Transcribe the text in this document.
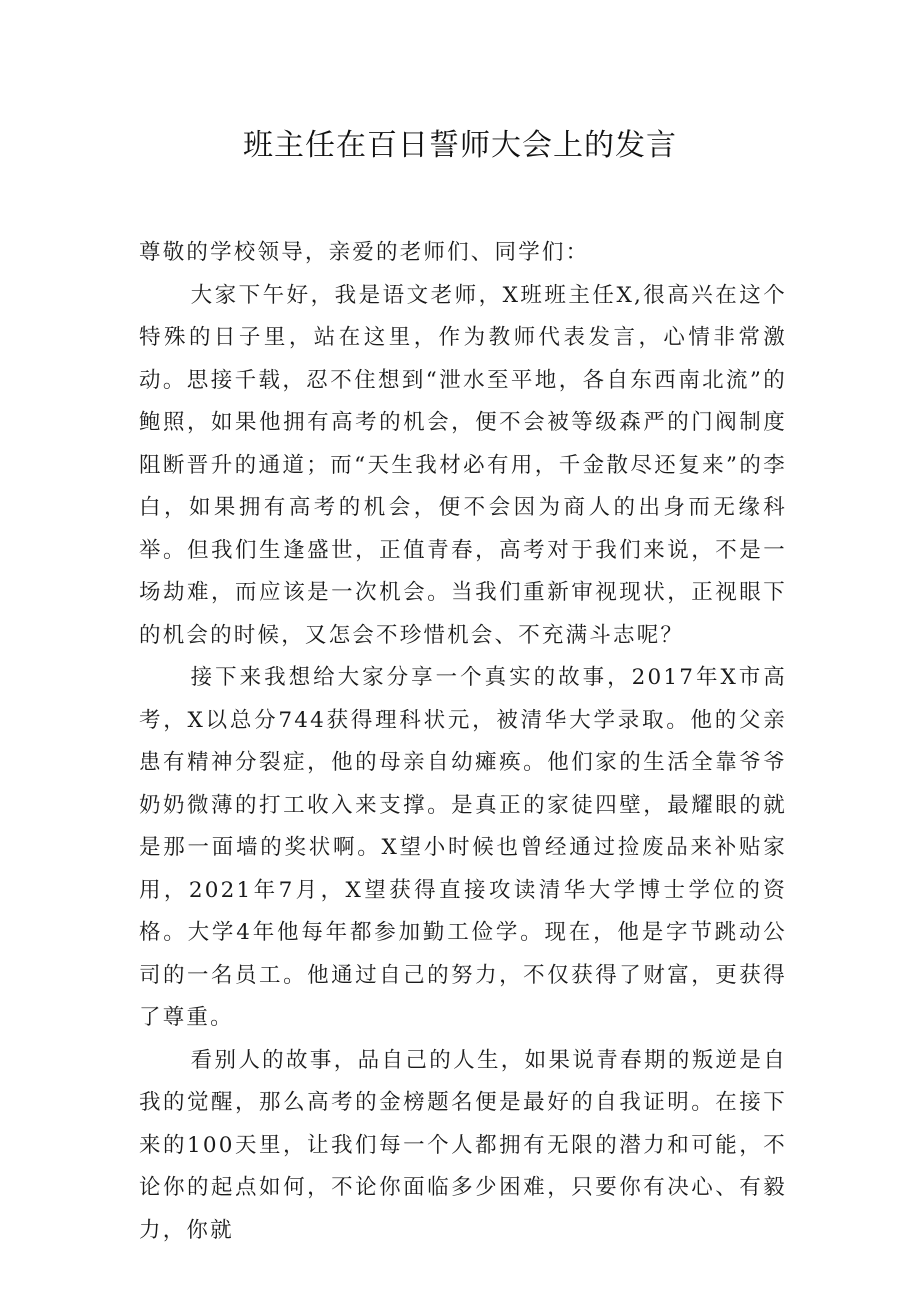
班主任在百日誓师大会上的发言

尊敬的学校领导，亲爱的老师们、同学们：

大家下午好，我是语文老师，X班班主任X,很高兴在这个特殊的日子里，站在这里，作为教师代表发言，心情非常激动。思接千载，忍不住想到“泄水至平地，各自东西南北流”的鲍照，如果他拥有高考的机会，便不会被等级森严的门阀制度阻断晋升的通道；而“天生我材必有用，千金散尽还复来”的李白，如果拥有高考的机会，便不会因为商人的出身而无缘科举。但我们生逢盛世，正值青春，高考对于我们来说，不是一场劫难，而应该是一次机会。当我们重新审视现状，正视眼下的机会的时候，又怎会不珍惜机会、不充满斗志呢？

接下来我想给大家分享一个真实的故事，2017年X市高考，X以总分744获得理科状元，被清华大学录取。他的父亲患有精神分裂症，他的母亲自幼瘫痪。他们家的生活全靠爷爷奶奶微薄的打工收入来支撑。是真正的家徒四壁，最耀眼的就是那一面墙的奖状啊。X望小时候也曾经通过捡废品来补贴家用，2021年7月，X望获得直接攻读清华大学博士学位的资格。大学4年他每年都参加勤工俭学。现在，他是字节跳动公司的一名员工。他通过自己的努力，不仅获得了财富，更获得了尊重。

看别人的故事，品自己的人生，如果说青春期的叛逆是自我的觉醒，那么高考的金榜题名便是最好的自我证明。在接下来的100天里，让我们每一个人都拥有无限的潜力和可能，不论你的起点如何，不论你面临多少困难，只要你有决心、有毅力，你就
